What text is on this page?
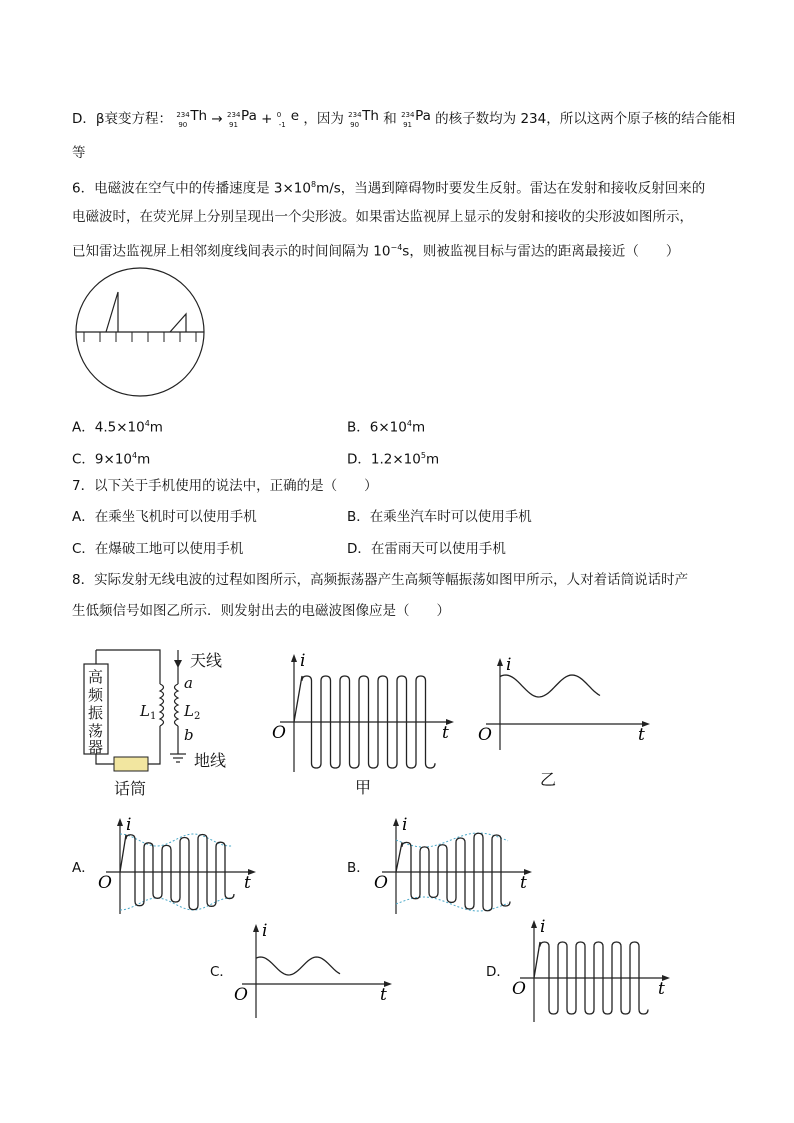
D．β衰变方程： 234
90
Th → 234
91
Pa + 0
-1
e ，因为 234
90
Th 和 234
91
Pa 的核子数均为 234，所以这两个原子核的结合能相
等
6．电磁波在空气中的传播速度是 $3\times 10^8m/s$，当遇到障碍物时要发生反射。雷达在发射和接收反射回来的
电磁波时，在荧光屏上分别呈现出一个尖形波。如果雷达监视屏上显示的发射和接收的尖形波如图所示，
已知雷达监视屏上相邻刻度线间表示的时间间隔为 $10^{-4}s$，则被监视目标与雷达的距离最接近（　　）
A．$4.5\times 10^4m$	B．$6\times 10^4m$
C．$9\times 10^4m$	D．$1.2\times 10^5m$
7．以下关于手机使用的说法中，正确的是（　　）
A．在乘坐飞机时可以使用手机	B．在乘坐汽车时可以使用手机
C．在爆破工地可以使用手机	D．在雷雨天可以使用手机
8．实际发射无线电波的过程如图所示，高频振荡器产生高频等幅振荡如图甲所示，人对着话筒说话时产
生低频信号如图乙所示．则发射出去的电磁波图像应是（　　）
高
频
振
荡
器
天线
地线
话筒
a
b
$L_1$ $L_2$
i
t
O
甲
i
t
O
乙
A．
i
t
O
B．
i
t
O
C．
i
t
O
D．
i
t
O
